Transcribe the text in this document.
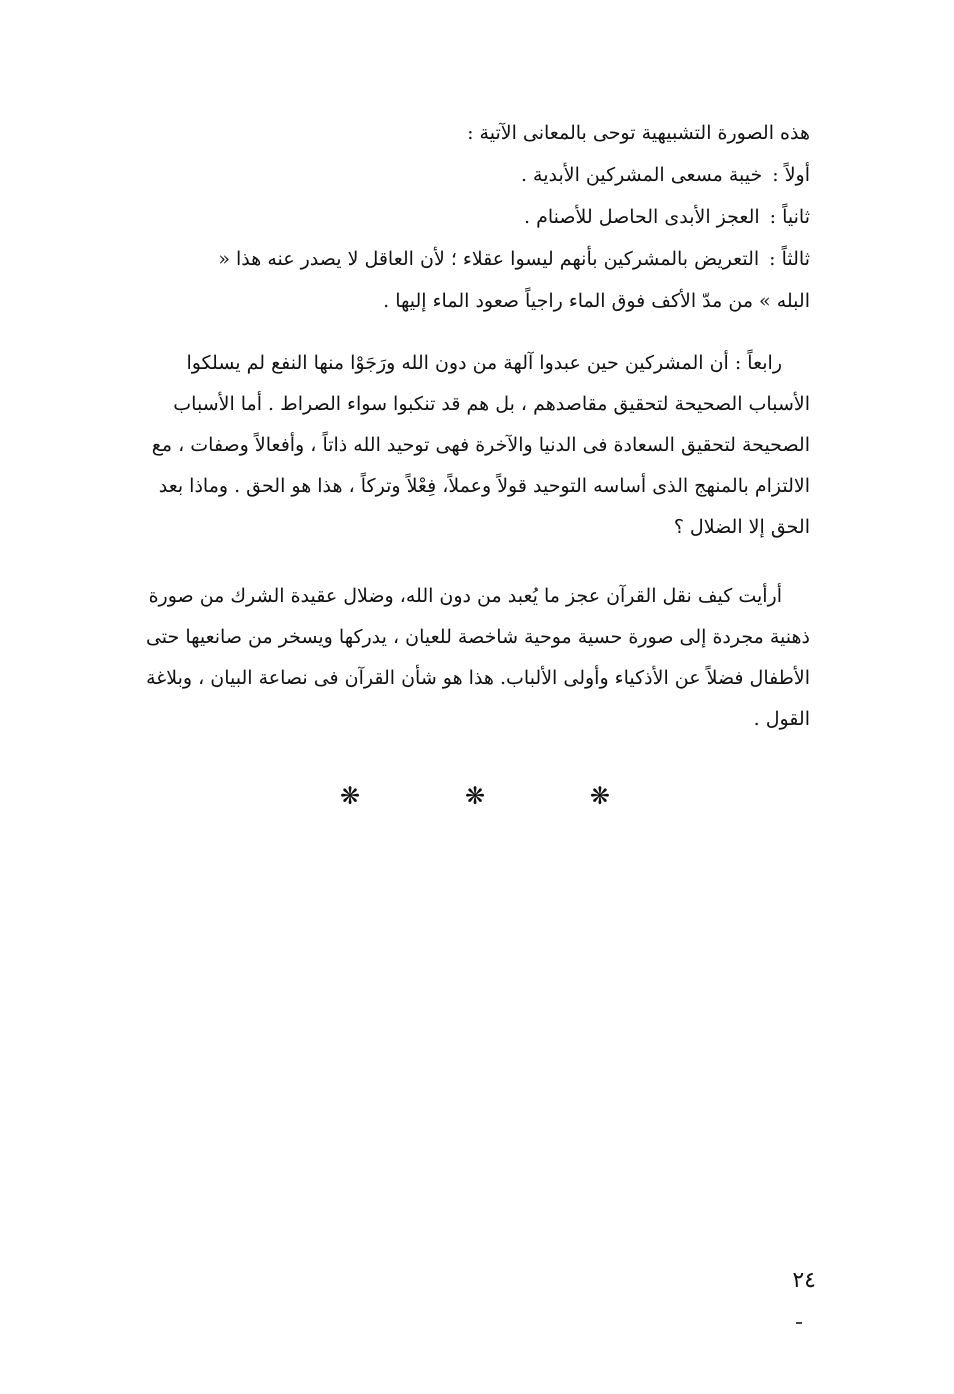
هذه الصورة التشبيهية توحى بالمعانى الآتية :
أولاً :خيبة مسعى المشركين الأبدية .
ثانياً :العجز الأبدى الحاصل للأصنام .
ثالثاً :التعريض بالمشركين بأنهم ليسوا عقلاء ؛ لأن العاقل لا يصدر عنه هذا «
البله » من مدّ الأكف فوق الماء راجياً صعود الماء إليها .
رابعاً : أن المشركين حين عبدوا آلهة من دون الله ورَجَوْا منها النفع لم يسلكوا
الأسباب الصحيحة لتحقيق مقاصدهم ، بل هم قد تنكبوا سواء الصراط . أما الأسباب
الصحيحة لتحقيق السعادة فى الدنيا والآخرة فهى توحيد الله ذاتاً ، وأفعالاً وصفات ، مع
الالتزام بالمنهج الذى أساسه التوحيد قولاً وعملاً، فِعْلاً وتركاً ، هذا هو الحق . وماذا بعد
الحق إلا الضلال ؟
أرأيت كيف نقل القرآن عجز ما يُعبد من دون الله، وضلال عقيدة الشرك من صورة
ذهنية مجردة إلى صورة حسية موحية شاخصة للعيان ، يدركها ويسخر من صانعيها حتى
الأطفال فضلاً عن الأذكياء وأولى الألباب. هذا هو شأن القرآن فى نصاعة البيان ، وبلاغة
القول .
❋	❋	❋
٢٤
